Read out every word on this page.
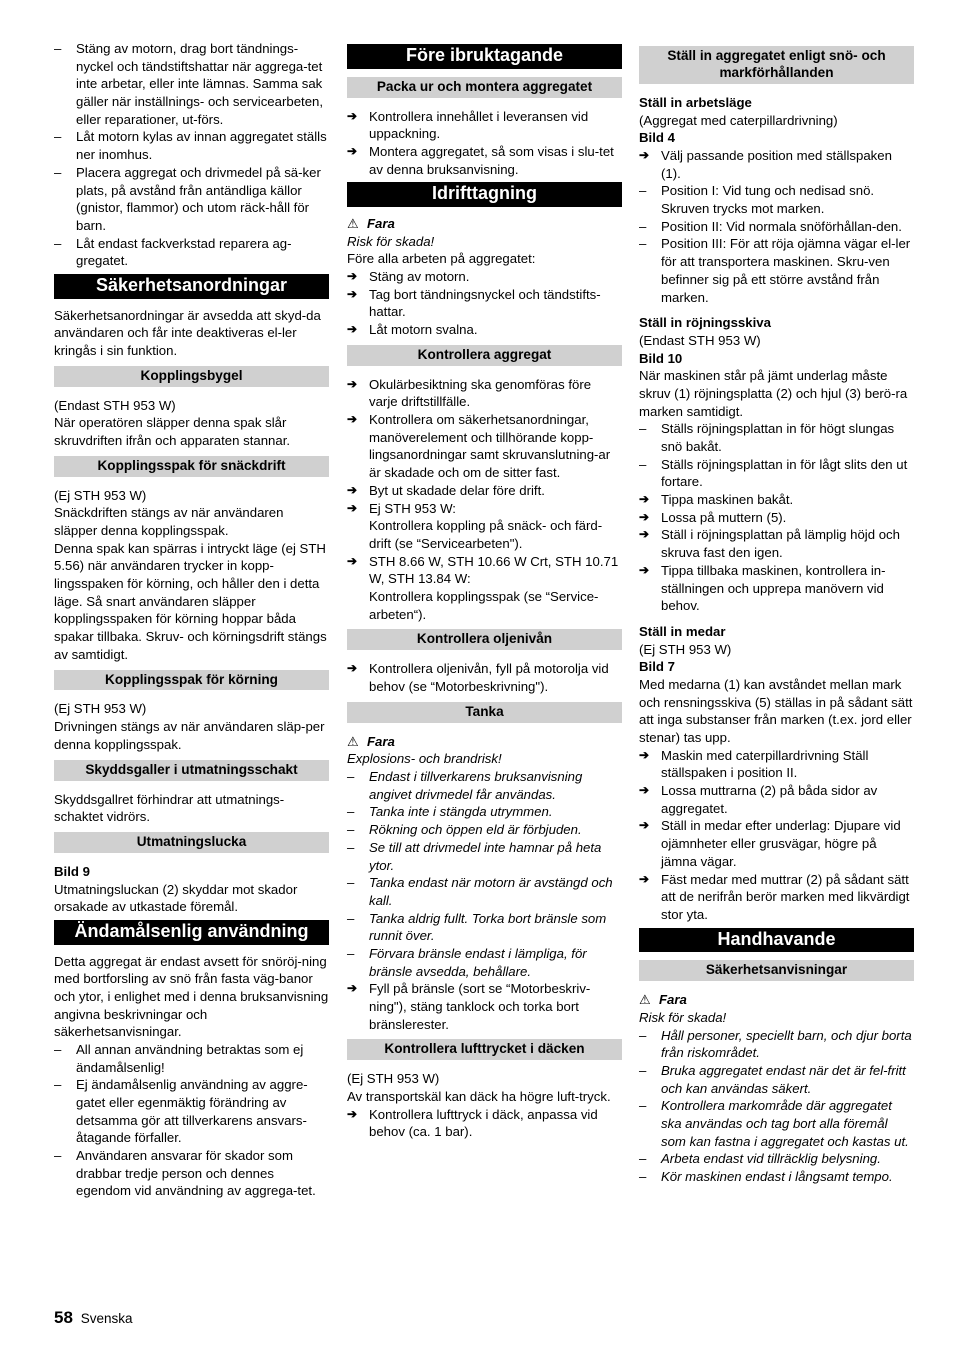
– Stäng av motorn, drag bort tändnings-nyckel och tändstiftshattar när aggrega-tet inte arbetar, eller inte lämnas. Samma sak gäller när inställnings- och servicearbeten, eller reparationer, ut-förs.
– Låt motorn kylas av innan aggregatet ställs ner inomhus.
– Placera aggregat och drivmedel på sä-ker plats, på avstånd från antändliga källor (gnistor, flammor) och utom räck-håll för barn.
– Låt endast fackverkstad reparera ag-gregatet.
Säkerhetsanordningar
Säkerhetsanordningar är avsedda att skyd-da användaren och får inte deaktiveras el-ler kringås i sin funktion.
Kopplingsbygel
(Endast STH 953 W)
När operatören släpper denna spak slår skruvdriften ifrån och apparaten stannar.
Kopplingsspak för snäckdrift
(Ej STH 953 W)
Snäckdriften stängs av när användaren släpper denna kopplingsspak.
Denna spak kan spärras i intryckt läge (ej STH 5.56) när användaren trycker in kopp-lingsspaken för körning, och håller den i detta läge. Så snart användaren släpper kopplingsspaken för körning hoppar båda spakar tillbaka. Skruv- och körningsdrift stängs av samtidigt.
Kopplingsspak för körning
(Ej STH 953 W)
Drivningen stängs av när användaren släp-per denna kopplingsspak.
Skyddsgaller i utmatningsschakt
Skyddsgallret förhindrar att utmatnings-schaktet vidrörs.
Utmatningslucka
Bild 9
Utmatningsluckan (2) skyddar mot skador orsakade av utkastade föremål.
Ändamålsenlig användning
Detta aggregat är endast avsett för snöröj-ning med bortforsling av snö från fasta väg-banor och ytor, i enlighet med i denna bruksanvisning angivna beskrivningar och säkerhetsanvisningar.
– All annan användning betraktas som ej ändamålsenlig!
– Ej ändamålsenlig användning av aggre-gatet eller egenmäktig förändring av detsamma gör att tillverkarens ansvars-åtagande förfaller.
– Användaren ansvarar för skador som drabbar tredje person och dennes egendom vid användning av aggrega-tet.
Före ibruktagande
Packa ur och montera aggregatet
➔ Kontrollera innehållet i leveransen vid uppackning.
➔ Montera aggregatet, så som visas i slu-tet av denna bruksanvisning.
Idrifttagning
⚠ Fara
Risk för skada!
Före alla arbeten på aggregatet:
➔ Stäng av motorn.
➔ Tag bort tändningsnyckel och tändstifts-hattar.
➔ Låt motorn svalna.
Kontrollera aggregat
➔ Okulärbesiktning ska genomföras före varje driftstillfälle.
➔ Kontrollera om säkerhetsanordningar, manöverelement och tillhörande kopp-lingsanordningar samt skruvanslutning-ar är skadade och om de sitter fast.
➔ Byt ut skadade delar före drift.
➔ Ej STH 953 W:
Kontrollera koppling på snäck- och färd-drift (se “Servicearbeten").
➔ STH 8.66 W, STH 10.66 W Crt, STH 10.71 W, STH 13.84 W:
Kontrollera kopplingsspak (se “Service-arbeten“).
Kontrollera oljenivån
➔ Kontrollera oljenivån, fyll på motorolja vid behov (se “Motorbeskrivning").
Tanka
⚠ Fara
Explosions- och brandrisk!
– Endast i tillverkarens bruksanvisning angivet drivmedel får användas.
– Tanka inte i stängda utrymmen.
– Rökning och öppen eld är förbjuden.
– Se till att drivmedel inte hamnar på heta ytor.
– Tanka endast när motorn är avstängd och kall.
– Tanka aldrig fullt. Torka bort bränsle som runnit över.
– Förvara bränsle endast i lämpliga, för bränsle avsedda, behållare.
➔ Fyll på bränsle (sort se “Motorbeskriv-ning"), stäng tanklock och torka bort bränslerester.
Kontrollera lufttrycket i däcken
(Ej STH 953 W)
Av transportskäl kan däck ha högre luft-tryck.
➔ Kontrollera lufttryck i däck, anpassa vid behov (ca. 1 bar).
Ställ in aggregatet enligt snö- och markförhållanden
Ställ in arbetsläge
(Aggregat med caterpillardrivning)
Bild 4
➔ Välj passande position med ställspaken (1).
– Position I: Vid tung och nedisad snö. Skruven trycks mot marken.
– Position II: Vid normala snöförhållan-den.
– Position III: För att röja ojämna vägar el-ler för att transportera maskinen. Skru-ven befinner sig på ett större avstånd från marken.
Ställ in röjningsskiva
(Endast STH 953 W)
Bild 10
När maskinen står på jämt underlag måste skruv (1) röjningsplatta (2) och hjul (3) berö-ra marken samtidigt.
– Ställs röjningsplattan in för högt slungas snö bakåt.
– Ställs röjningsplattan in för lågt slits den ut fortare.
➔ Tippa maskinen bakåt.
➔ Lossa på muttern (5).
➔ Ställ i röjningsplattan på lämplig höjd och skruva fast den igen.
➔ Tippa tillbaka maskinen, kontrollera in-ställningen och upprepa manövern vid behov.
Ställ in medar
(Ej STH 953 W)
Bild 7
Med medarna (1) kan avståndet mellan mark och rensningsskiva (5) ställas in på sådant sätt att inga substanser från marken (t.ex. jord eller stenar) tas upp.
➔ Maskin med caterpillardrivning Ställ ställspaken i position II.
➔ Lossa muttrarna (2) på båda sidor av aggregatet.
➔ Ställ in medar efter underlag: Djupare vid ojämnheter eller grusvägar, högre på jämna vägar.
➔ Fäst medar med muttrar (2) på sådant sätt att de nerifrån berör marken med likvärdigt stor yta.
Handhavande
Säkerhetsanvisningar
⚠ Fara
Risk för skada!
– Håll personer, speciellt barn, och djur borta från riskområdet.
– Bruka aggregatet endast när det är fel-fritt och kan användas säkert.
– Kontrollera markområde där aggregatet ska användas och tag bort alla föremål som kan fastna i aggregatet och kastas ut.
– Arbeta endast vid tillräcklig belysning.
– Kör maskinen endast i långsamt tempo.
58 Svenska
